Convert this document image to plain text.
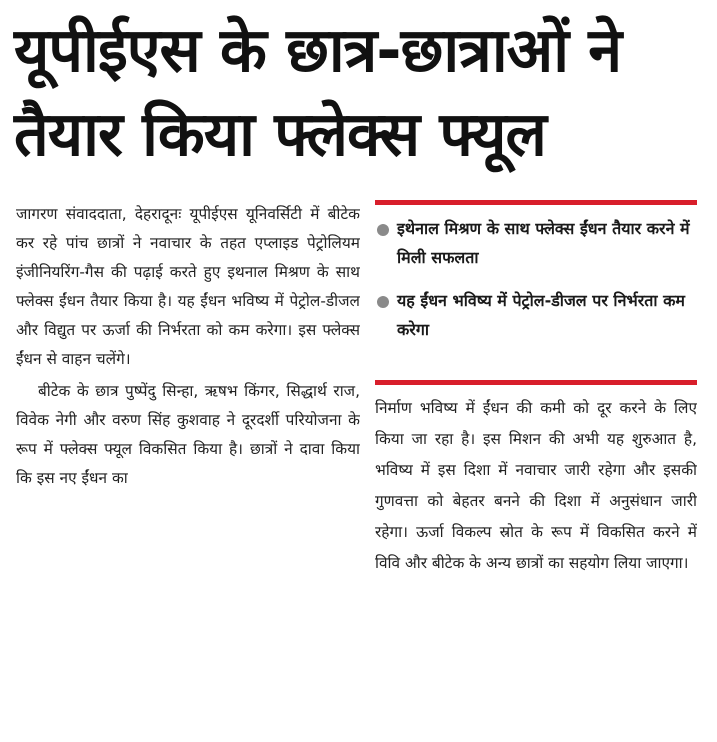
यूपीईएस के छात्र-छात्राओं ने
तैयार किया फ्लेक्स फ्यूल

जागरण संवाददाता, देहरादूनः यूपीईएस यूनिवर्सिटी में बीटेक कर रहे पांच छात्रों ने नवाचार के तहत एप्लाइड पेट्रोलियम इंजीनियरिंग-गैस की पढ़ाई करते हुए इथनाल मिश्रण के साथ फ्लेक्स ईंधन तैयार किया है। यह ईंधन भविष्य में पेट्रोल-डीजल और विद्युत पर ऊर्जा की निर्भरता को कम करेगा। इस फ्लेक्स ईंधन से वाहन चलेंगे।

बीटेक के छात्र पुष्पेंदु सिन्हा, ऋषभ किंगर, सिद्धार्थ राज, विवेक नेगी और वरुण सिंह कुशवाह ने दूरदर्शी परियोजना के रूप में फ्लेक्स फ्यूल विकसित किया है। छात्रों ने दावा किया कि इस नए ईंधन का

इथेनाल मिश्रण के साथ फ्लेक्स ईंधन तैयार करने में मिली सफलता
यह ईंधन भविष्य में पेट्रोल-डीजल पर निर्भरता कम करेगा

निर्माण भविष्य में ईंधन की कमी को दूर करने के लिए किया जा रहा है। इस मिशन की अभी यह शुरुआत है, भविष्य में इस दिशा में नवाचार जारी रहेगा और इसकी गुणवत्ता को बेहतर बनने की दिशा में अनुसंधान जारी रहेगा। ऊर्जा विकल्प स्रोत के रूप में विकसित करने में विवि और बीटेक के अन्य छात्रों का सहयोग लिया जाएगा।
